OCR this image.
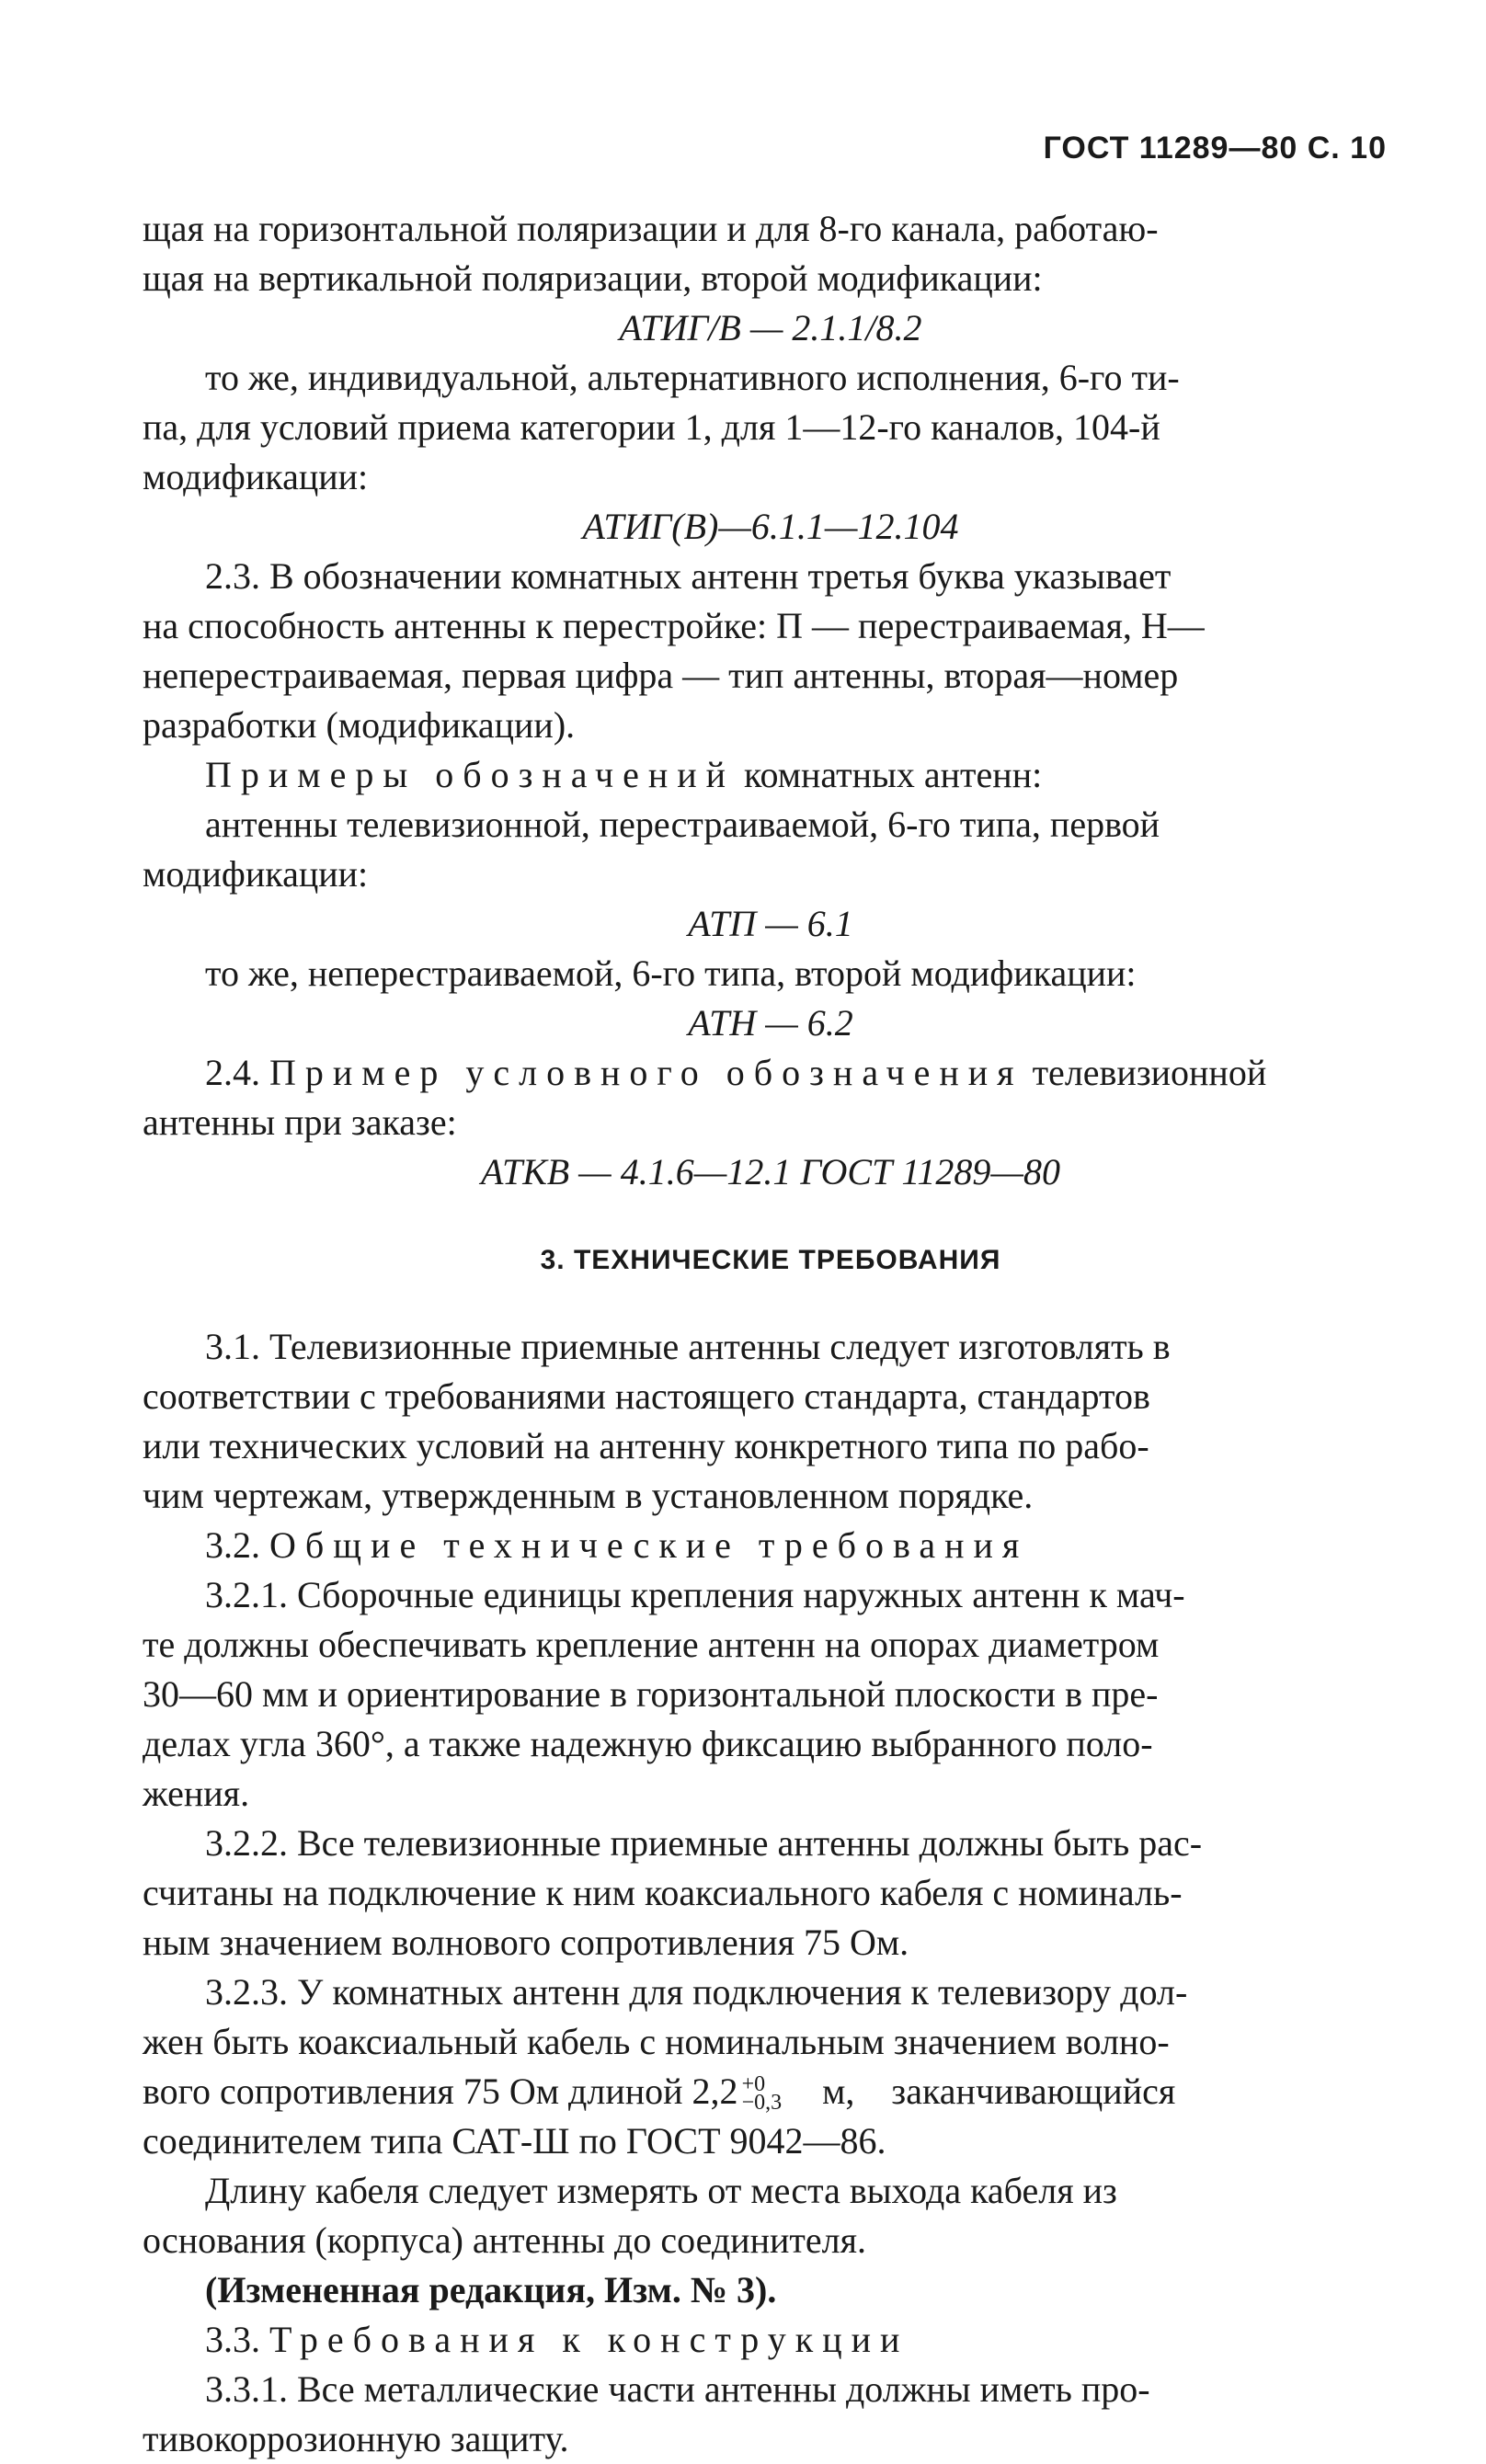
ГОСТ 11289—80 С. 10

щая на горизонтальной поляризации и для 8-го канала, работаю-

щая на вертикальной поляризации, второй модификации:

АТИГ/В — 2.1.1/8.2

то же, индивидуальной, альтернативного исполнения, 6-го ти-

па, для условий приема категории 1, для 1—12-го каналов, 104-й

модификации:

АТИГ(В)—6.1.1—12.104

2.3. В обозначении комнатных антенн третья буква указывает

на способность антенны к перестройке: П — перестраиваемая, Н—

неперестраиваемая, первая цифра — тип антенны, вторая—номер

разработки (модификации).

Примеры обозначений комнатных антенн:

антенны телевизионной, перестраиваемой, 6-го типа, первой

модификации:

АТП — 6.1

то же, неперестраиваемой, 6-го типа, второй модификации:

АТН — 6.2

2.4. Пример условного обозначения телевизионной

антенны при заказе:

АТКВ — 4.1.6—12.1 ГОСТ 11289—80

3. ТЕХНИЧЕСКИЕ ТРЕБОВАНИЯ

3.1. Телевизионные приемные антенны следует изготовлять в

соответствии с требованиями настоящего стандарта, стандартов

или технических условий на антенну конкретного типа по рабо-

чим чертежам, утвержденным в установленном порядке.

3.2. Общие технические требования

3.2.1. Сборочные единицы крепления наружных антенн к мач-

те должны обеспечивать крепление антенн на опорах диаметром

30—60 мм и ориентирование в горизонтальной плоскости в пре-

делах угла 360°, а также надежную фиксацию выбранного поло-

жения.

3.2.2. Все телевизионные приемные антенны должны быть рас-

считаны на подключение к ним коаксиального кабеля с номиналь-

ным значением волнового сопротивления 75 Ом.

3.2.3. У комнатных антенн для подключения к телевизору дол-

жен быть коаксиальный кабель с номинальным значением волно-

вого сопротивления 75 Ом длиной 2,2 +0
−0,3 м, заканчивающийся

соединителем типа САТ-Ш по ГОСТ 9042—86.

Длину кабеля следует измерять от места выхода кабеля из

основания (корпуса) антенны до соединителя.

(Измененная редакция, Изм. № 3).

3.3. Требования к конструкции

3.3.1. Все металлические части антенны должны иметь про-

тивокоррозионную защиту.
